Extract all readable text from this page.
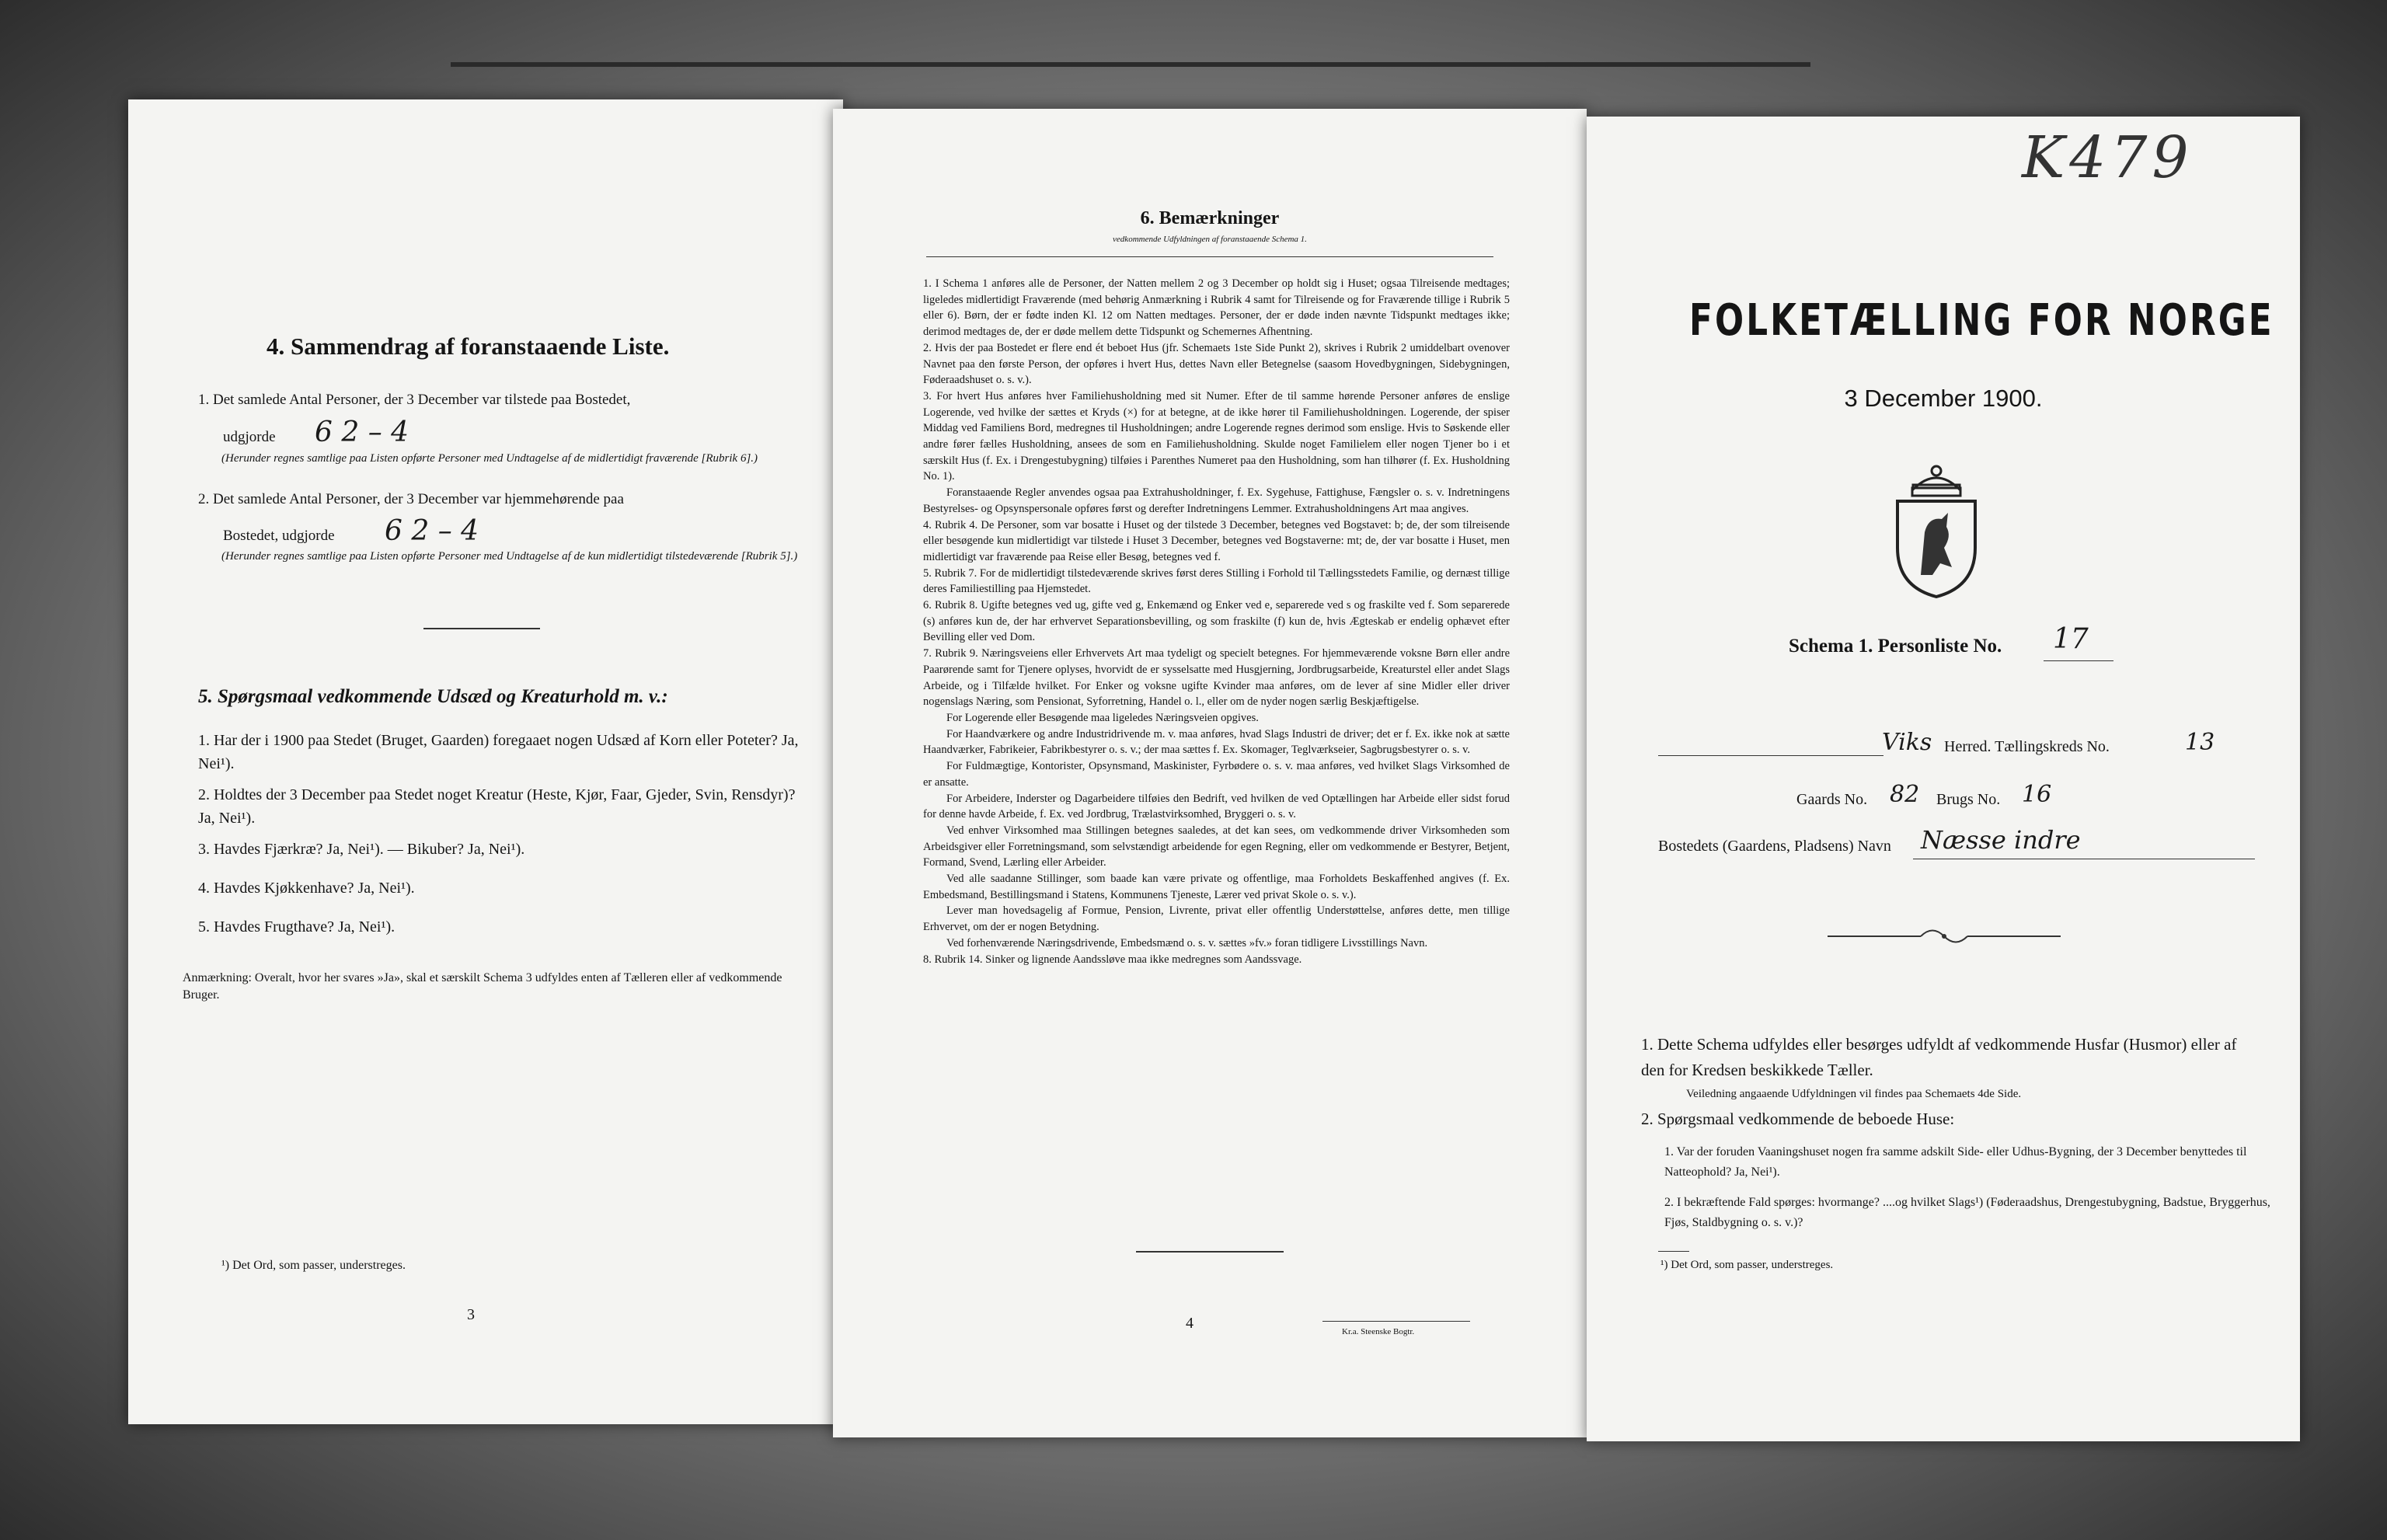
4. Sammendrag af foranstaaende Liste.
1. Det samlede Antal Personer, der 3 December var tilstede paa Bostedet,
udgjorde 6 2 – 4
(Herunder regnes samtlige paa Listen opførte Personer med Undtagelse af de midlertidigt fraværende [Rubrik 6].)
2. Det samlede Antal Personer, der 3 December var hjemmehørende paa
Bostedet, udgjorde 6 2 – 4
(Herunder regnes samtlige paa Listen opførte Personer med Undtagelse af de kun midlertidigt tilstedeværende [Rubrik 5].)
5. Spørgsmaal vedkommende Udsæd og Kreaturhold m. v.:
1. Har der i 1900 paa Stedet (Bruget, Gaarden) foregaaet nogen Udsæd af Korn eller Poteter? Ja, Nei¹).
2. Holdtes der 3 December paa Stedet noget Kreatur (Heste, Kjør, Faar, Gjeder, Svin, Rensdyr)? Ja, Nei¹).
3. Havdes Fjærkræ? Ja, Nei¹). — Bikuber? Ja, Nei¹).
4. Havdes Kjøkkenhave? Ja, Nei¹).
5. Havdes Frugthave? Ja, Nei¹).
Anmærkning: Overalt, hvor her svares »Ja», skal et særskilt Schema 3 udfyldes enten af Tælleren eller af vedkommende Bruger.
¹) Det Ord, som passer, understreges.
3
6. Bemærkninger
vedkommende Udfyldningen af foranstaaende Schema 1.
1. I Schema 1 anføres alle de Personer, der Natten mellem 2 og 3 December op holdt sig i Huset; ogsaa Tilreisende medtages; ligeledes midlertidigt Fraværende (med behørig Anmærkning i Rubrik 4 samt for Tilreisende og for Fraværende tillige i Rubrik 5 eller 6). Børn, der er fødte inden Kl. 12 om Natten medtages. Personer, der er døde inden nævnte Tidspunkt medtages ikke; derimod medtages de, der er døde mellem dette Tidspunkt og Schemernes Afhentning.
2. Hvis der paa Bostedet er flere end ét beboet Hus (jfr. Schemaets 1ste Side Punkt 2), skrives i Rubrik 2 umiddelbart ovenover Navnet paa den første Person, der opføres i hvert Hus, dettes Navn eller Betegnelse (saasom Hovedbygningen, Sidebygningen, Føderaadshuset o. s. v.).
3. For hvert Hus anføres hver Familiehusholdning med sit Numer. Efter de til samme hørende Personer anføres de enslige Logerende, ved hvilke der sættes et Kryds (×) for at betegne, at de ikke hører til Familiehusholdningen. Logerende, der spiser Middag ved Familiens Bord, medregnes til Husholdningen; andre Logerende regnes derimod som enslige. Hvis to Søskende eller andre fører fælles Husholdning, ansees de som en Familiehusholdning. Skulde noget Familielem eller nogen Tjener bo i et særskilt Hus (f. Ex. i Drengestubygning) tilføies i Parenthes Numeret paa den Husholdning, som han tilhører (f. Ex. Husholdning No. 1).
Foranstaaende Regler anvendes ogsaa paa Extrahusholdninger, f. Ex. Sygehuse, Fattighuse, Fængsler o. s. v. Indretningens Bestyrelses- og Opsynspersonale opføres først og derefter Indretningens Lemmer. Extrahusholdningens Art maa angives.
4. Rubrik 4. De Personer, som var bosatte i Huset og der tilstede 3 December, betegnes ved Bogstavet: b; de, der som tilreisende eller besøgende kun midlertidigt var tilstede i Huset 3 December, betegnes ved Bogstaverne: mt; de, der var bosatte i Huset, men midlertidigt var fraværende paa Reise eller Besøg, betegnes ved f.
5. Rubrik 7. For de midlertidigt tilstedeværende skrives først deres Stilling i Forhold til Tællingsstedets Familie, og dernæst tillige deres Familiestilling paa Hjemstedet.
6. Rubrik 8. Ugifte betegnes ved ug, gifte ved g, Enkemænd og Enker ved e, separerede ved s og fraskilte ved f. Som separerede (s) anføres kun de, der har erhvervet Separationsbevilling, og som fraskilte (f) kun de, hvis Ægteskab er endelig ophævet efter Bevilling eller ved Dom.
7. Rubrik 9. Næringsveiens eller Erhvervets Art maa tydeligt og specielt betegnes. For hjemmeværende voksne Børn eller andre Paarørende samt for Tjenere oplyses, hvorvidt de er sysselsatte med Husgjerning, Jordbrugsarbeide, Kreaturstel eller andet Slags Arbeide, og i Tilfælde hvilket. For Enker og voksne ugifte Kvinder maa anføres, om de lever af sine Midler eller driver nogenslags Næring, som Pensionat, Syforretning, Handel o. l., eller om de nyder nogen særlig Beskjæftigelse.
For Logerende eller Besøgende maa ligeledes Næringsveien opgives.
For Haandværkere og andre Industridrivende m. v. maa anføres, hvad Slags Industri de driver; det er f. Ex. ikke nok at sætte Haandværker, Fabrikeier, Fabrikbestyrer o. s. v.; der maa sættes f. Ex. Skomager, Teglværkseier, Sagbrugsbestyrer o. s. v.
For Fuldmægtige, Kontorister, Opsynsmand, Maskinister, Fyrbødere o. s. v. maa anføres, ved hvilket Slags Virksomhed de er ansatte.
For Arbeidere, Inderster og Dagarbeidere tilføies den Bedrift, ved hvilken de ved Optællingen har Arbeide eller sidst forud for denne havde Arbeide, f. Ex. ved Jordbrug, Trælastvirksomhed, Bryggeri o. s. v.
Ved enhver Virksomhed maa Stillingen betegnes saaledes, at det kan sees, om vedkommende driver Virksomheden som Arbeidsgiver eller Forretningsmand, som selvstændigt arbeidende for egen Regning, eller om vedkommende er Bestyrer, Betjent, Formand, Svend, Lærling eller Arbeider.
Ved alle saadanne Stillinger, som baade kan være private og offentlige, maa Forholdets Beskaffenhed angives (f. Ex. Embedsmand, Bestillingsmand i Statens, Kommunens Tjeneste, Lærer ved privat Skole o. s. v.).
Lever man hovedsagelig af Formue, Pension, Livrente, privat eller offentlig Understøttelse, anføres dette, men tillige Erhvervet, om der er nogen Betydning.
Ved forhenværende Næringsdrivende, Embedsmænd o. s. v. sættes »fv.» foran tidligere Livsstillings Navn.
8. Rubrik 14. Sinker og lignende Aandssløve maa ikke medregnes som Aandssvage.
4	Kr.a. Steenske Bogtr.
K479
FOLKETÆLLING FOR NORGE
3 December 1900.
Schema 1. Personliste No. 17
Viks Herred. Tællingskreds No.	13
Gaards No. 82 Brugs No. 16
Bostedets (Gaardens, Pladsens) Navn Næsse indre
1. Dette Schema udfyldes eller besørges udfyldt af vedkommende Husfar (Husmor) eller af den for Kredsen beskikkede Tæller.
Veiledning angaaende Udfyldningen vil findes paa Schemaets 4de Side.
2. Spørgsmaal vedkommende de beboede Huse:
1. Var der foruden Vaaningshuset nogen fra samme adskilt Side- eller Udhus-Bygning, der 3 December benyttedes til Natteophold? Ja, Nei¹).
2. I bekræftende Fald spørges: hvormange? ....og hvilket Slags¹) (Føderaadshus, Drengestubygning, Badstue, Bryggerhus, Fjøs, Staldbygning o. s. v.)?
¹) Det Ord, som passer, understreges.
